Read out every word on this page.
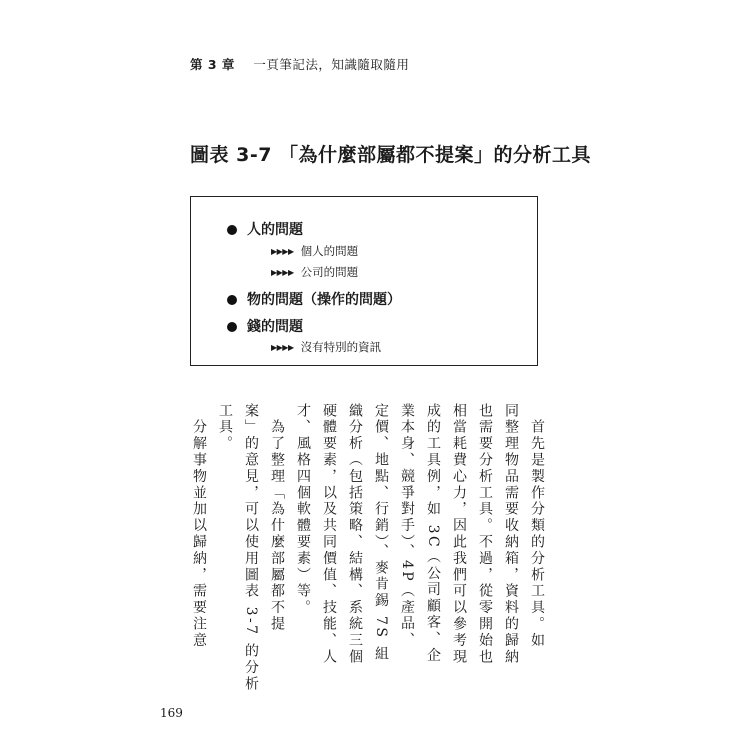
第 3 章 一頁筆記法，知識隨取隨用
圖表 3-7 「為什麼部屬都不提案」的分析工具
人的問題
▶▶▶▶ 個人的問題
▶▶▶▶ 公司的問題
物的問題（操作的問題）
錢的問題
▶▶▶▶ 沒有特別的資訊
　首先是製作分類的分析工具。如
同整理物品需要收納箱，資料的歸納
也需要分析工具。不過，從零開始也
相當耗費心力，因此我們可以參考現
成的工具例，如 3C（公司顧客、企
業本身、競爭對手）、4P（產品、
定價、地點、行銷）、麥肯錫 7S 組
織分析（包括策略、結構、系統三個
硬體要素，以及共同價值、技能、人
才、風格四個軟體要素）等。
　為了整理「為什麼部屬都不提
案」的意見，可以使用圖表 3-7 的分析
工具。
　分解事物並加以歸納，需要注意
169
